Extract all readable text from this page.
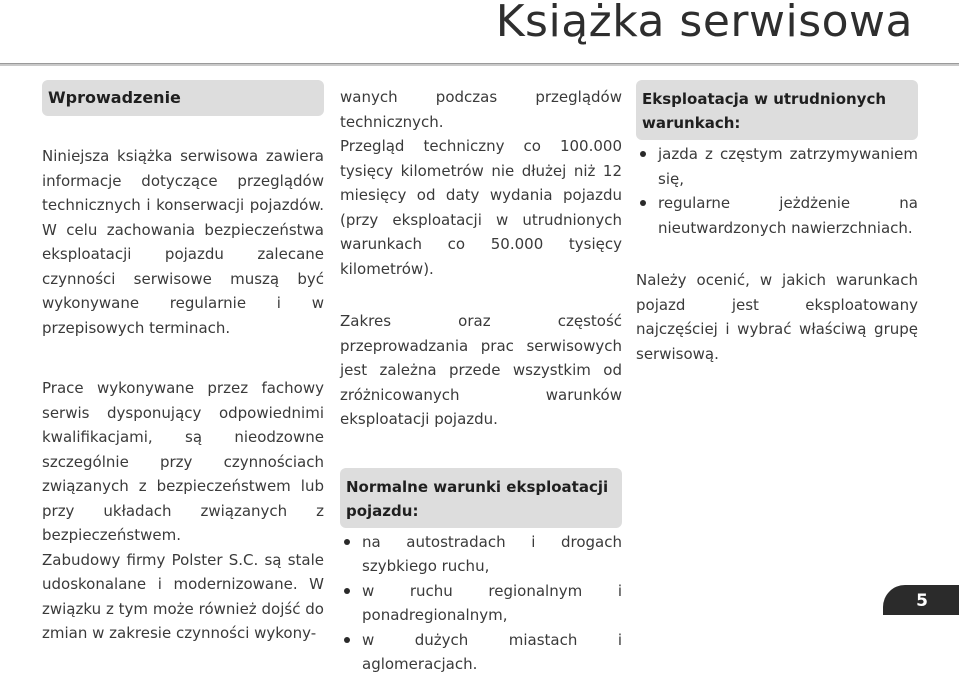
Książka serwisowa
Wprowadzenie

Niniejsza książka serwisowa zawiera informacje dotyczące przeglądów technicznych i konserwacji pojazdów. W celu zachowania bezpieczeństwa eksploatacji pojazdu zalecane czynności serwisowe muszą być wykonywane regularnie i w przepisowych terminach.

Prace wykonywane przez fachowy serwis dysponujący odpowiednimi kwalifikacjami, są nieodzowne szczególnie przy czynnościach związanych z bezpieczeństwem lub przy układach związanych z bezpieczeństwem.

Zabudowy firmy Polster S.C. są stale udoskonalane i modernizowane. W związku z tym może również dojść do zmian w zakresie czynności wykony-

wanych podczas przeglądów technicznych.

Przegląd techniczny co 100.000 tysięcy kilometrów nie dłużej niż 12 miesięcy od daty wydania pojazdu (przy eksploatacji w utrudnionych warunkach co 50.000 tysięcy kilometrów).

Zakres oraz częstość przeprowadzania prac serwisowych jest zależna przede wszystkim od zróżnicowanych warunków eksploatacji pojazdu.

Normalne warunki eksploatacji pojazdu:
na autostradach i drogach szybkiego ruchu,
w ruchu regionalnym i ponadregionalnym,
w dużych miastach i aglomeracjach.
Eksploatacja w utrudnionych warunkach:
jazda z częstym zatrzymywaniem się,
regularne jeżdżenie na nieutwardzonych nawierzchniach.

Należy ocenić, w jakich warunkach pojazd jest eksploatowany najczęściej i wybrać właściwą grupę serwisową.

5
